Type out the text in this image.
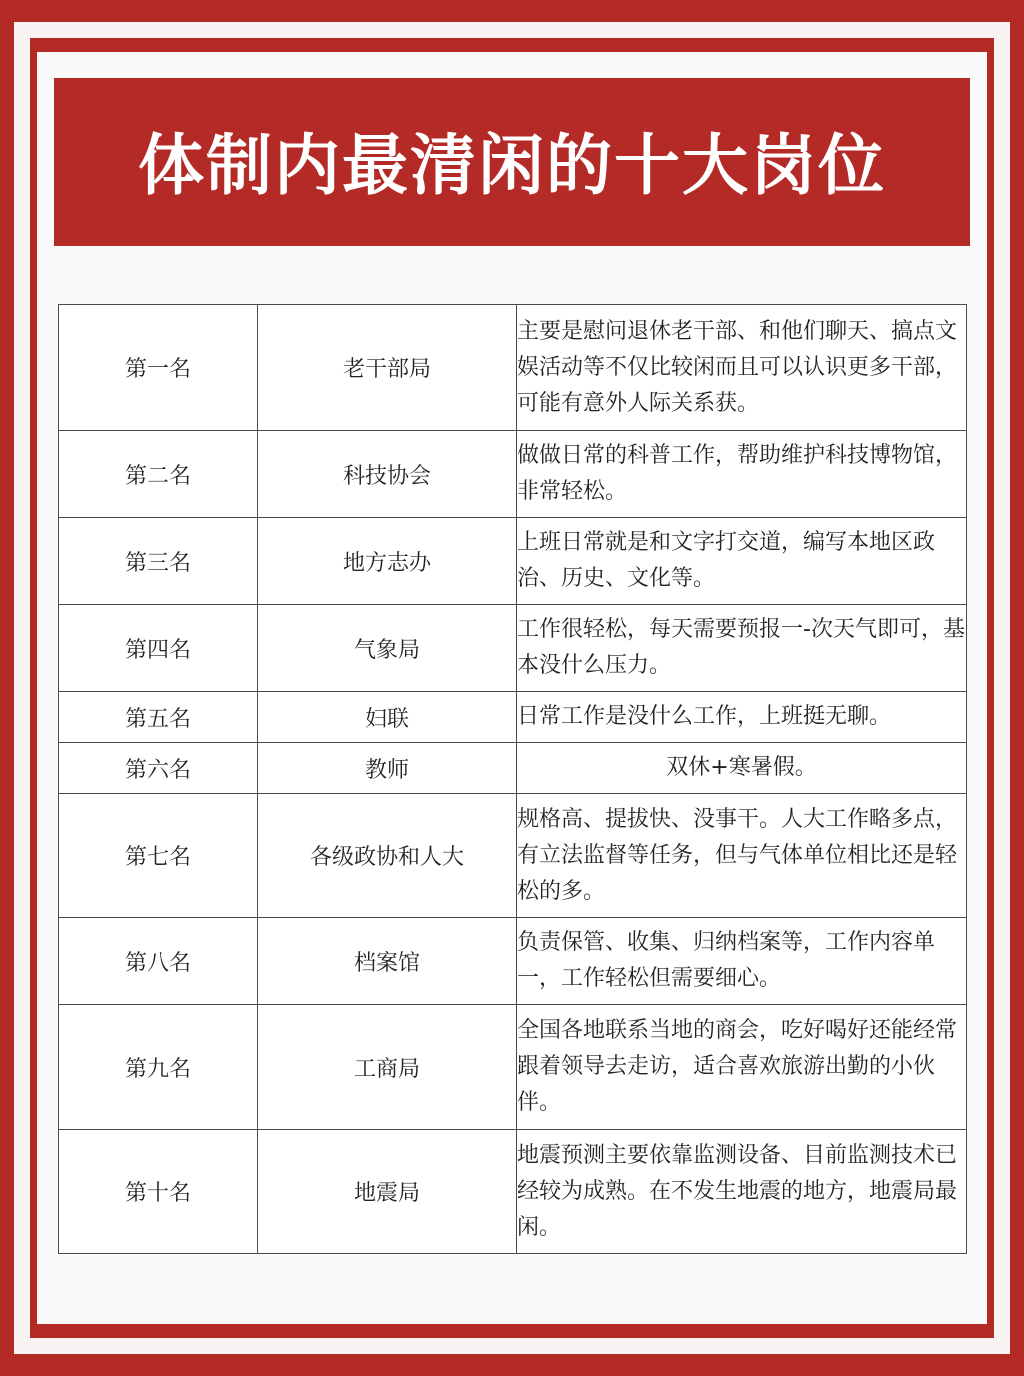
体制内最清闲的十大岗位
第一名	老干部局	主要是慰问退休老干部、和他们聊天、搞点文娱活动等不仅比较闲而且可以认识更多干部，可能有意外人际关系获。
第二名	科技协会	做做日常的科普工作，帮助维护科技博物馆，非常轻松。
第三名	地方志办	上班日常就是和文字打交道，编写本地区政治、历史、文化等。
第四名	气象局	工作很轻松，每天需要预报一-次天气即可，基本没什么压力。
第五名	妇联	日常工作是没什么工作，上班挺无聊。
第六名	教师	双休+寒暑假。
第七名	各级政协和人大	规格高、提拔快、没事干。人大工作略多点，有立法监督等任务，但与气体单位相比还是轻松的多。
第八名	档案馆	负责保管、收集、归纳档案等，工作内容单一，工作轻松但需要细心。
第九名	工商局	全国各地联系当地的商会，吃好喝好还能经常跟着领导去走访，适合喜欢旅游出勤的小伙伴。
第十名	地震局	地震预测主要依靠监测设备、目前监测技术已经较为成熟。在不发生地震的地方，地震局最闲。
